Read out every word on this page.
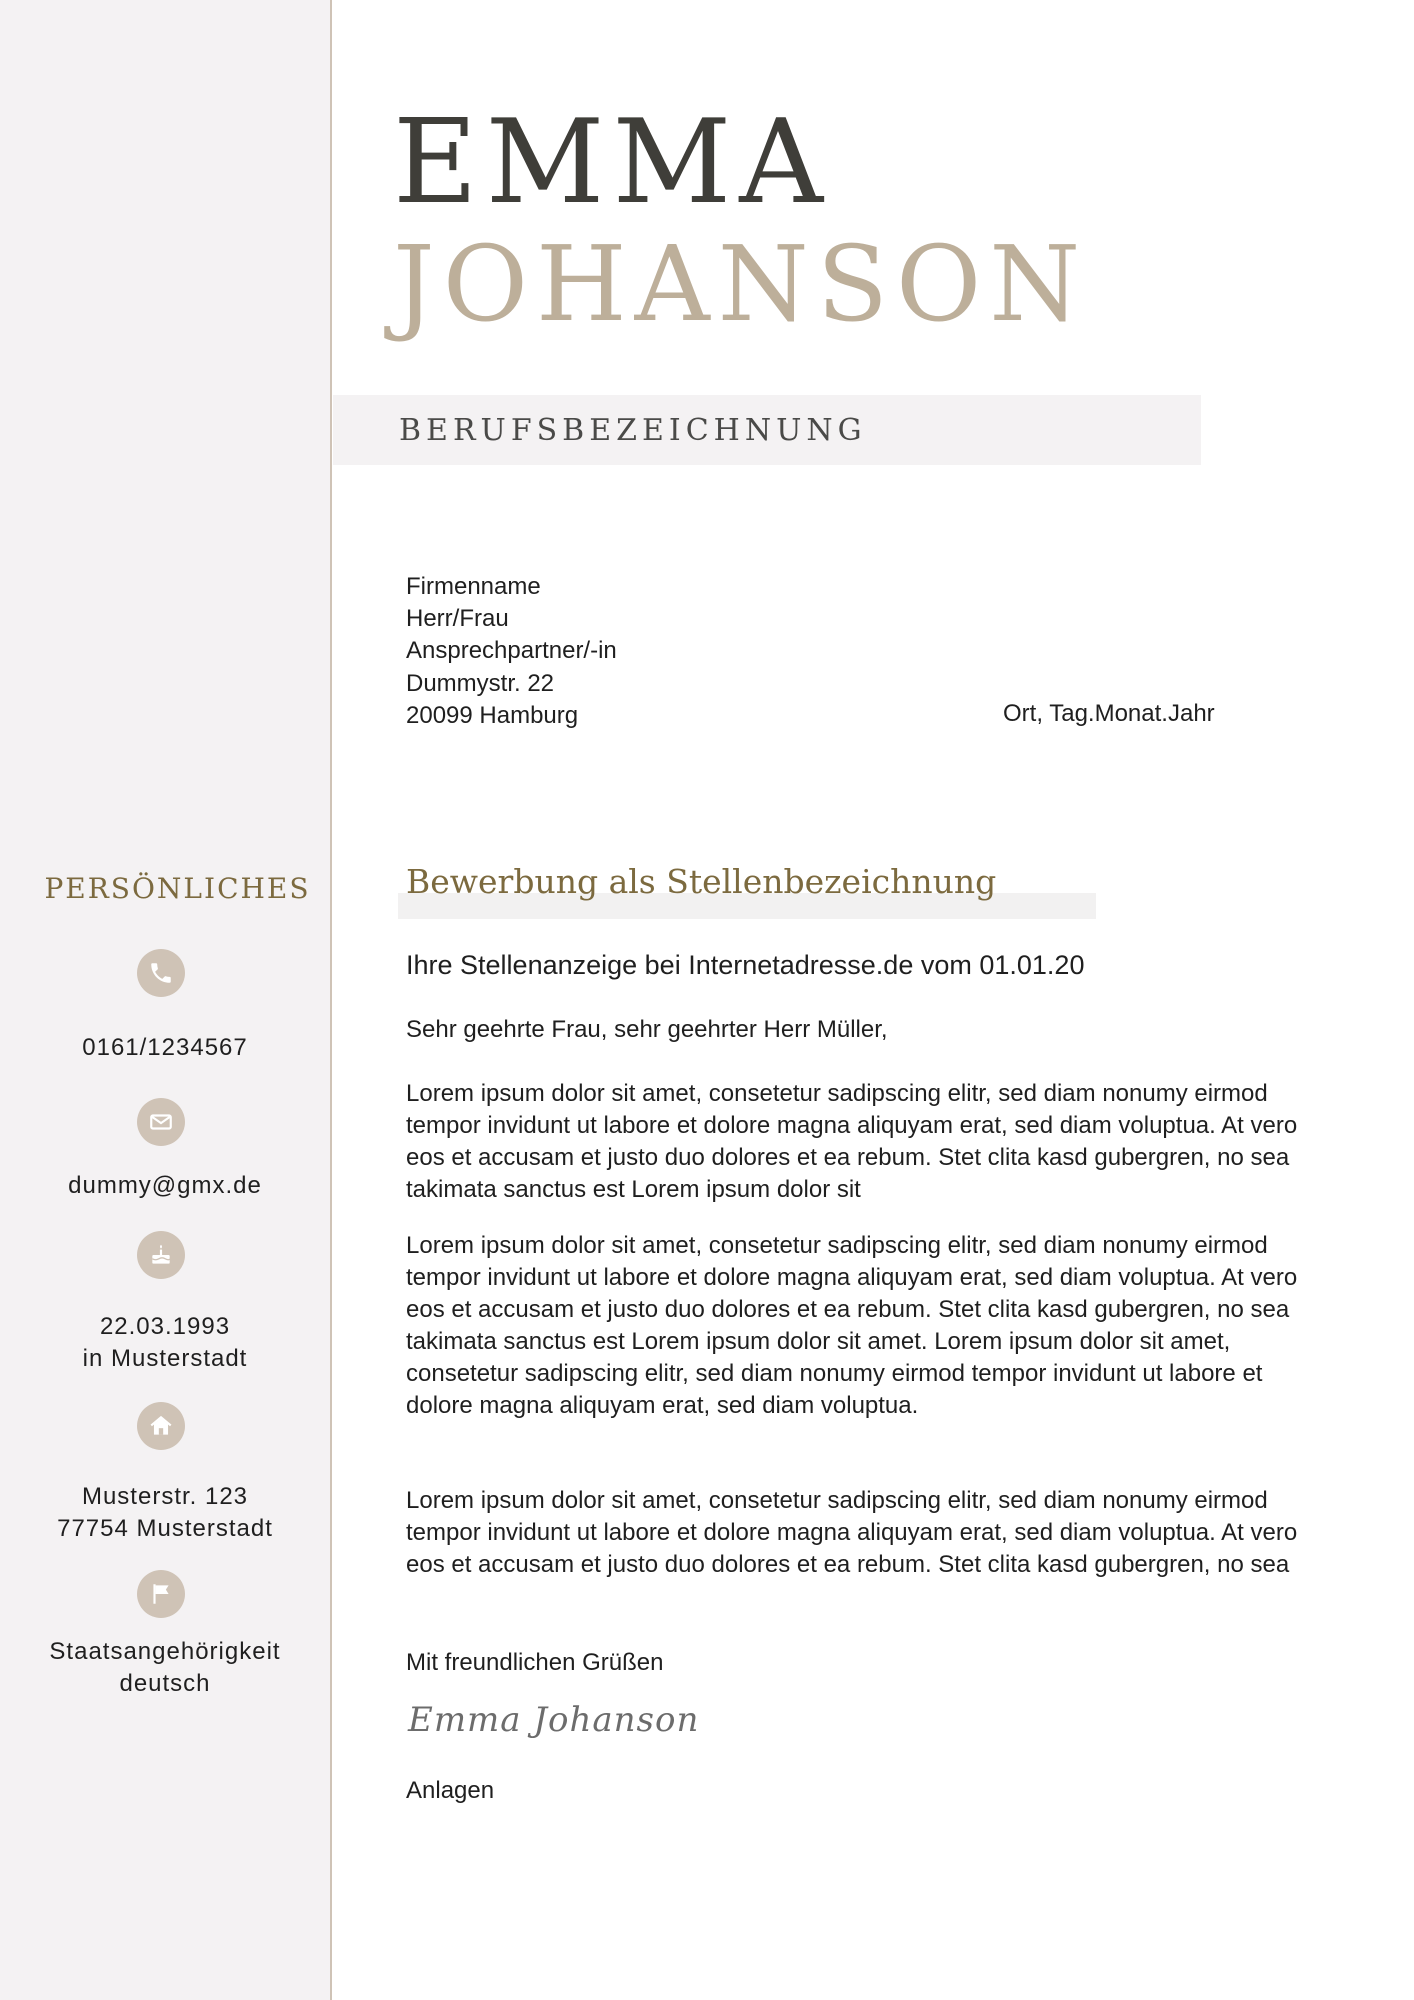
EMMA
JOHANSON
BERUFSBEZEICHNUNG
Firmenname
Herr/Frau
Ansprechpartner/-in
Dummystr. 22
20099 Hamburg	Ort, Tag.Monat.Jahr
Bewerbung als Stellenbezeichnung
Ihre Stellenanzeige bei Internetadresse.de vom 01.01.20

Sehr geehrte Frau, sehr geehrter Herr Müller,

Lorem ipsum dolor sit amet, consetetur sadipscing elitr, sed diam nonumy eirmod tempor invidunt ut labore et dolore magna aliquyam erat, sed diam voluptua. At vero eos et accusam et justo duo dolores et ea rebum. Stet clita kasd gubergren, no sea takimata sanctus est Lorem ipsum dolor sit

Lorem ipsum dolor sit amet, consetetur sadipscing elitr, sed diam nonumy eirmod tempor invidunt ut labore et dolore magna aliquyam erat, sed diam voluptua. At vero eos et accusam et justo duo dolores et ea rebum. Stet clita kasd gubergren, no sea takimata sanctus est Lorem ipsum dolor sit amet. Lorem ipsum dolor sit amet, consetetur sadipscing elitr, sed diam nonumy eirmod tempor invidunt ut labore et dolore magna aliquyam erat, sed diam voluptua.

Lorem ipsum dolor sit amet, consetetur sadipscing elitr, sed diam nonumy eirmod tempor invidunt ut labore et dolore magna aliquyam erat, sed diam voluptua. At vero eos et accusam et justo duo dolores et ea rebum. Stet clita kasd gubergren, no sea

Mit freundlichen Grüßen

Emma Johanson

Anlagen

PERSÖNLICHES
0161/1234567
dummy@gmx.de
22.03.1993
in Musterstadt
Musterstr. 123
77754 Musterstadt
Staatsangehörigkeit
deutsch
